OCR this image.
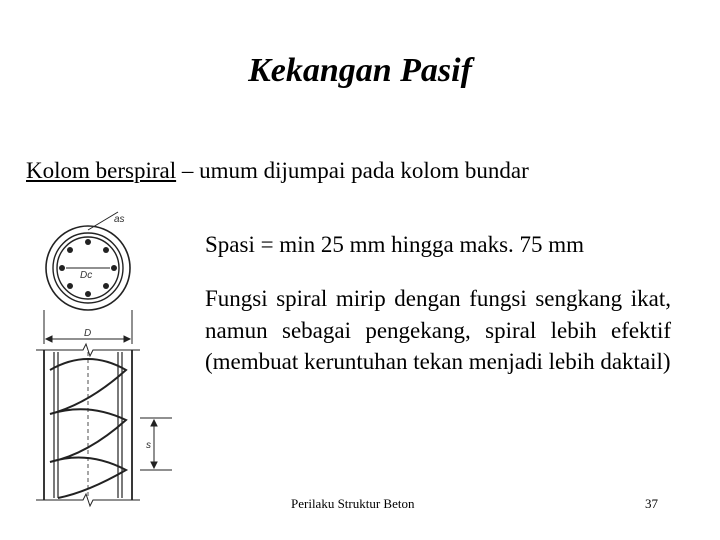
Kekangan Pasif
Kolom berspiral – umum dijumpai pada kolom bundar
as
Dc
D
s
Spasi = min 25 mm hingga maks. 75 mm
Fungsi spiral mirip dengan fungsi sengkang ikat, namun sebagai pengekang, spiral lebih efektif (membuat keruntuhan tekan menjadi lebih daktail)
Perilaku Struktur Beton	37
